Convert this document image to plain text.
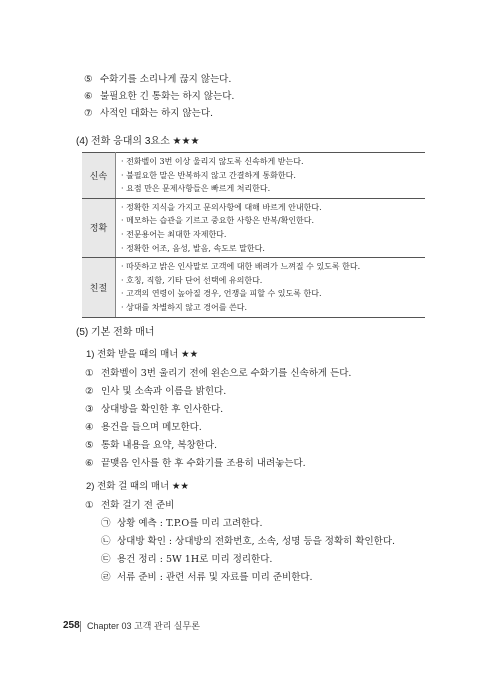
⑤ 수화기를 소리나게 끊지 않는다.
⑥ 불필요한 긴 통화는 하지 않는다.
⑦ 사적인 대화는 하지 않는다.
(4) 전화 응대의 3요소 ★★★
신속	· 전화벨이 3번 이상 울리지 않도록 신속하게 받는다.
· 불필요한 말은 반복하지 않고 간결하게 통화한다.
· 요점 만은 문제사항들은 빠르게 처리한다.

정확	· 정확한 지식을 가지고 문의사항에 대해 바르게 안내한다.
· 메모하는 습관을 기르고 중요한 사항은 반복/확인한다.
· 전문용어는 최대한 자제한다.
· 정확한 어조, 음성, 발음, 속도로 말한다.

친절	· 따뜻하고 밝은 인사말로 고객에 대한 배려가 느껴질 수 있도록 한다.
· 호칭, 직함, 기타 단어 선택에 유의한다.
· 고객의 연령이 높아질 경우, 언쟁을 피할 수 있도록 한다.
· 상대를 차별하지 않고 경어를 쓴다.
(5) 기본 전화 매너
1) 전화 받을 때의 매너 ★★
① 전화벨이 3번 울리기 전에 왼손으로 수화기를 신속하게 든다.
② 인사 및 소속과 이름을 밝힌다.
③ 상대방을 확인한 후 인사한다.
④ 용건을 들으며 메모한다.
⑤ 통화 내용을 요약, 복창한다.
⑥ 끝맺음 인사를 한 후 수화기를 조용히 내려놓는다.
2) 전화 걸 때의 매너 ★★
① 전화 걸기 전 준비
㉠ 상황 예측 : T.P.O를 미리 고려한다.
㉡ 상대방 확인 : 상대방의 전화번호, 소속, 성명 등을 정확히 확인한다.
㉢ 용건 정리 : 5W 1H로 미리 정리한다.
㉣ 서류 준비 : 관련 서류 및 자료를 미리 준비한다.
258 Chapter 03 고객 관리 실무론
